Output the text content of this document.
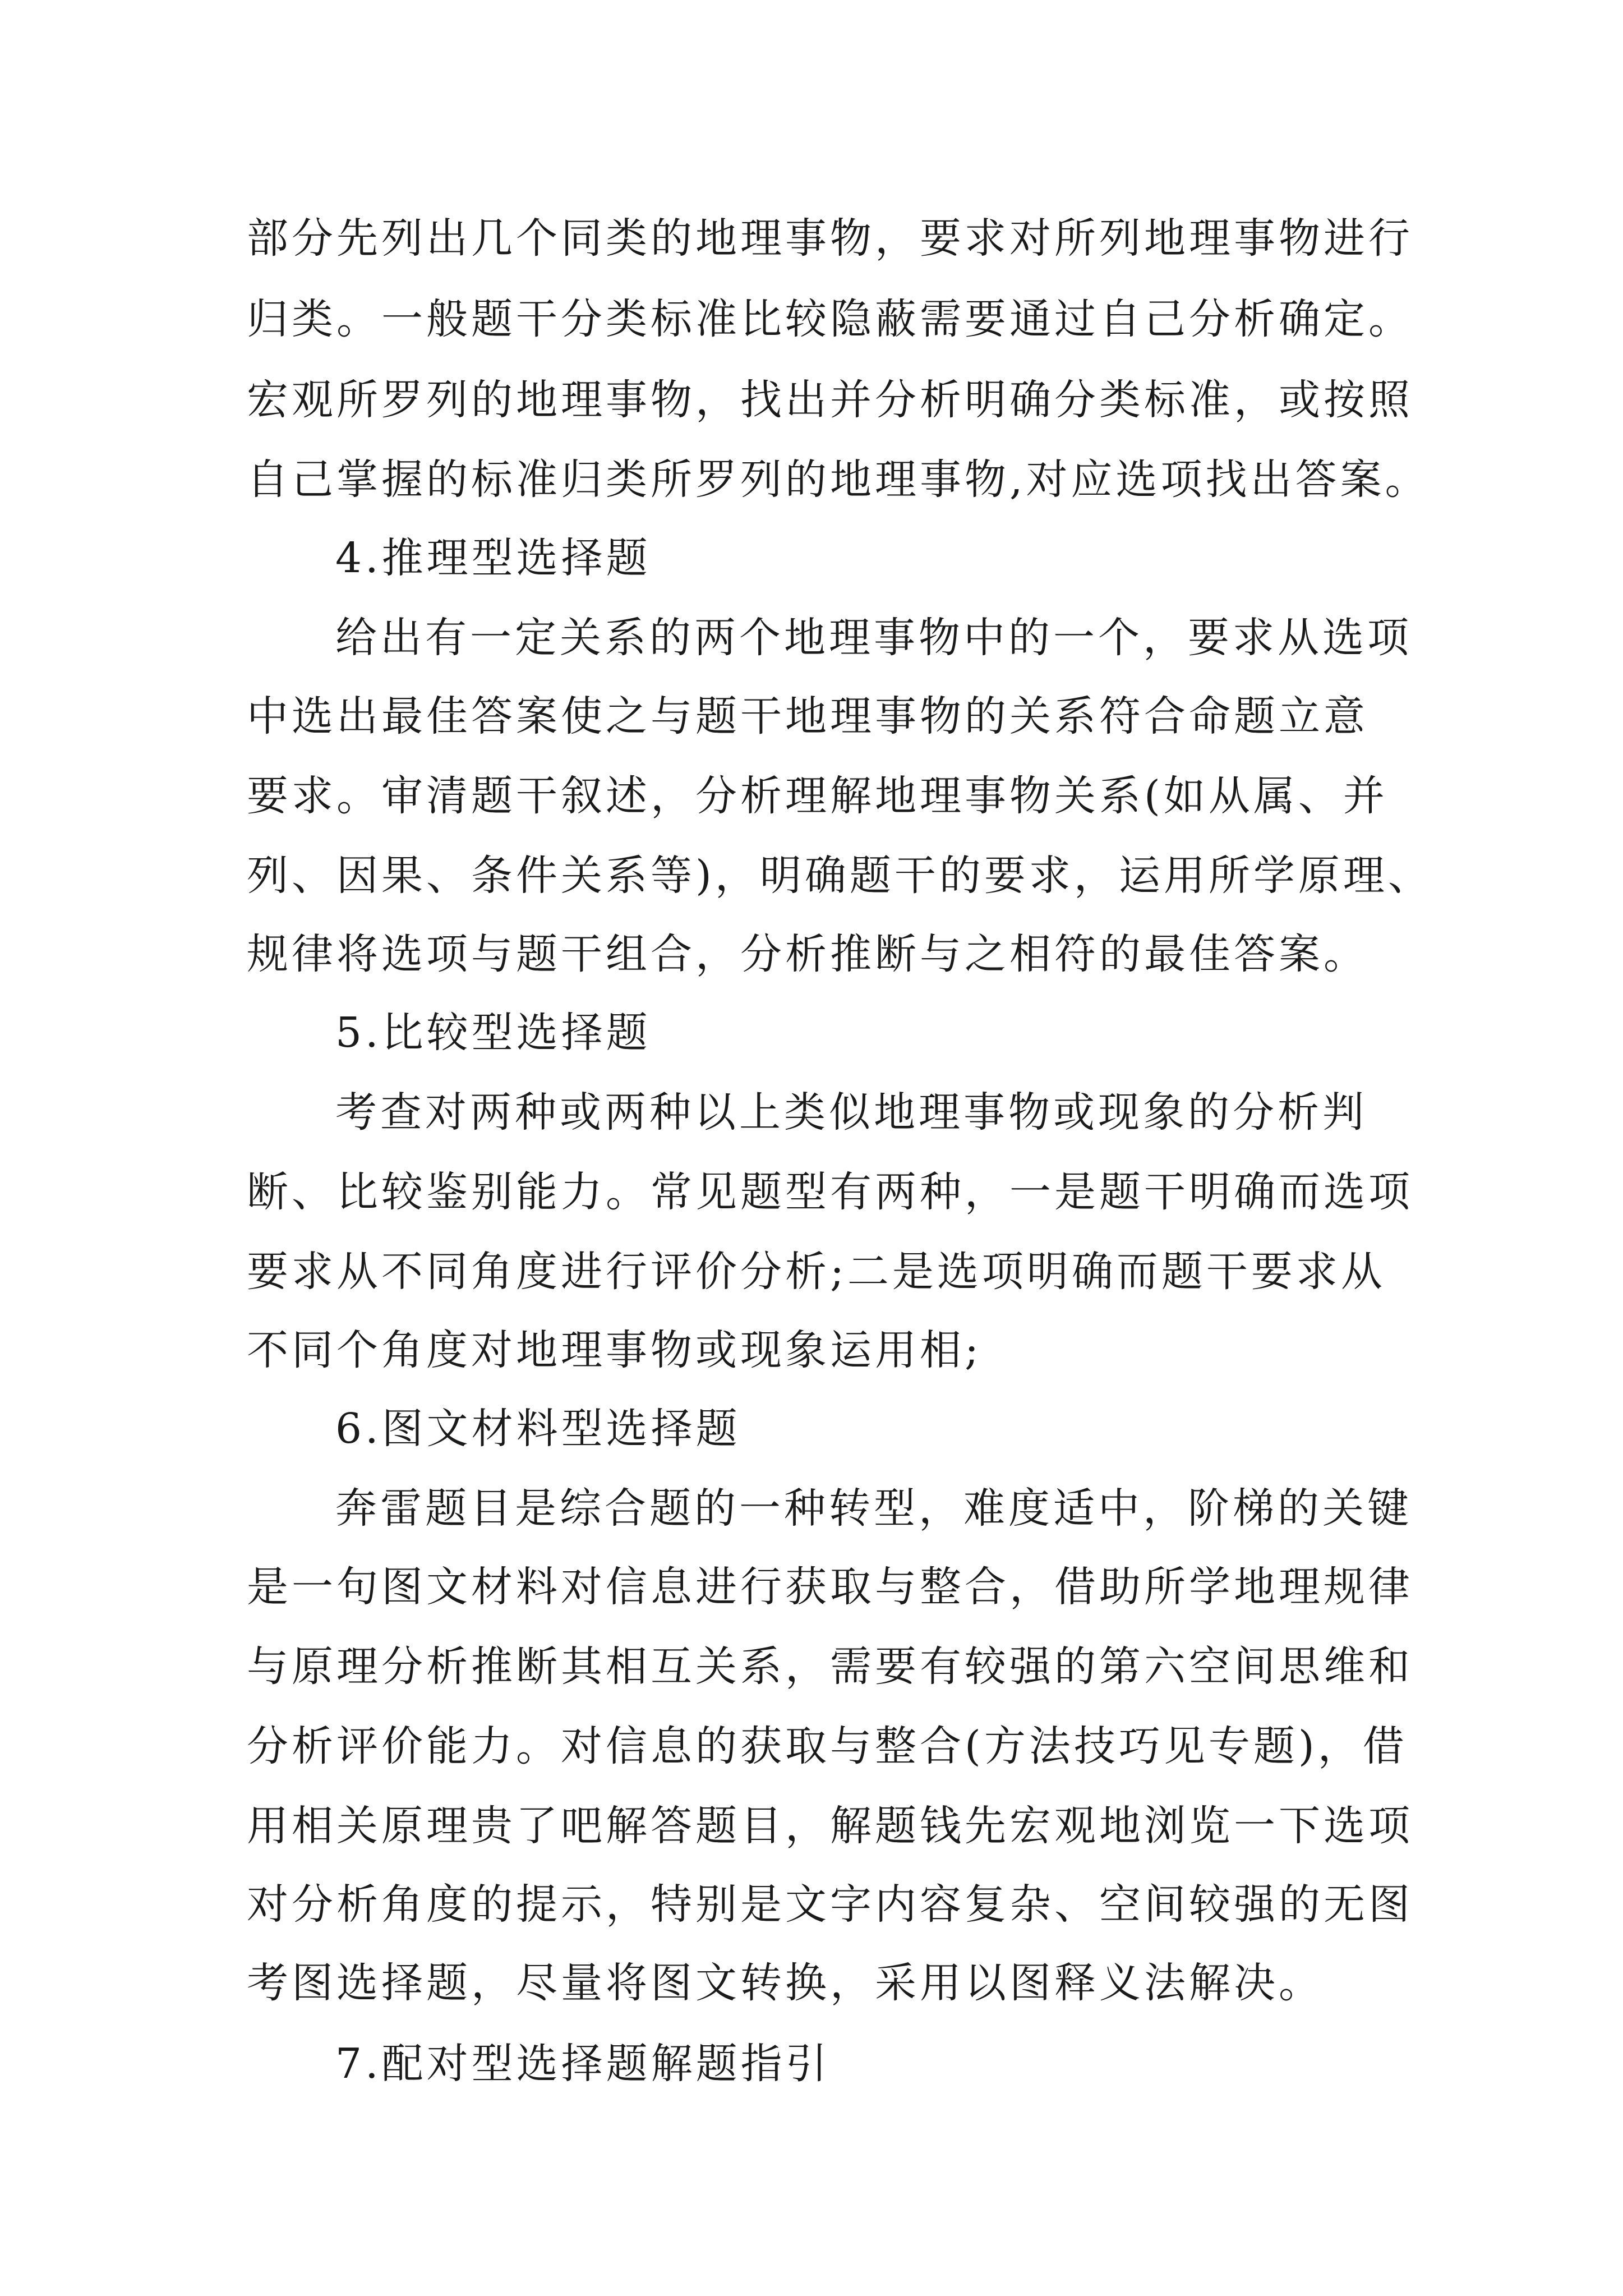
部分先列出几个同类的地理事物，要求对所列地理事物进行
归类。一般题干分类标准比较隐蔽需要通过自己分析确定。
宏观所罗列的地理事物，找出并分析明确分类标准，或按照
自己掌握的标准归类所罗列的地理事物,对应选项找出答案。
4.推理型选择题
给出有一定关系的两个地理事物中的一个，要求从选项
中选出最佳答案使之与题干地理事物的关系符合命题立意
要求。审清题干叙述，分析理解地理事物关系(如从属、并
列、因果、条件关系等)，明确题干的要求，运用所学原理、
规律将选项与题干组合，分析推断与之相符的最佳答案。
5.比较型选择题
考查对两种或两种以上类似地理事物或现象的分析判
断、比较鉴别能力。常见题型有两种，一是题干明确而选项
要求从不同角度进行评价分析;二是选项明确而题干要求从
不同个角度对地理事物或现象运用相;
6.图文材料型选择题
奔雷题目是综合题的一种转型，难度适中，阶梯的关键
是一句图文材料对信息进行获取与整合，借助所学地理规律
与原理分析推断其相互关系，需要有较强的第六空间思维和
分析评价能力。对信息的获取与整合(方法技巧见专题)，借
用相关原理贵了吧解答题目，解题钱先宏观地浏览一下选项
对分析角度的提示，特别是文字内容复杂、空间较强的无图
考图选择题，尽量将图文转换，采用以图释义法解决。
7.配对型选择题解题指引
